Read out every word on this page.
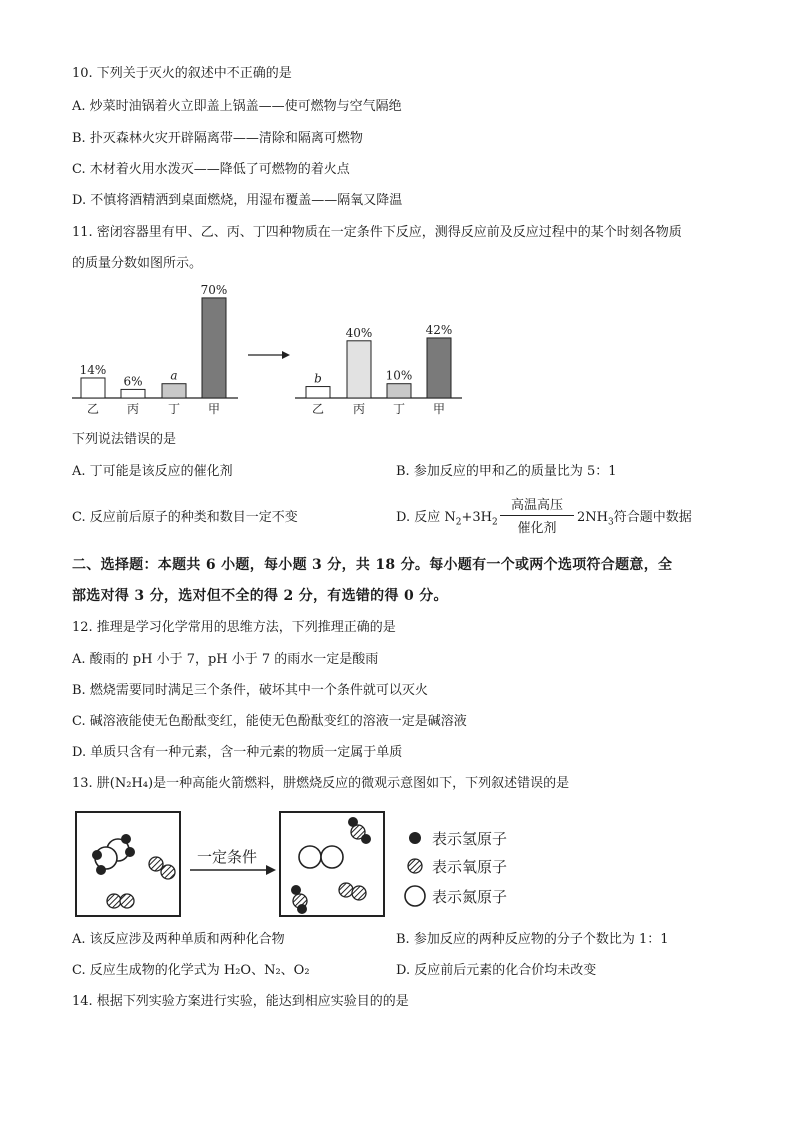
10. 下列关于灭火的叙述中不正确的是
A. 炒菜时油锅着火立即盖上锅盖——使可燃物与空气隔绝
B. 扑灭森林火灾开辟隔离带——清除和隔离可燃物
C. 木材着火用水泼灭——降低了可燃物的着火点
D. 不慎将酒精洒到桌面燃烧，用湿布覆盖——隔氧又降温
11. 密闭容器里有甲、乙、丙、丁四种物质在一定条件下反应，测得反应前及反应过程中的某个时刻各物质
的质量分数如图所示。
14%
乙
6%
丙
a
丁
70%
甲
b
乙
40%
丙
10%
丁
42%
甲
下列说法错误的是
A. 丁可能是该反应的催化剂	B. 参加反应的甲和乙的质量比为 5：1
C. 反应前后原子的种类和数目一定不变	D. 反应 $N_2+3H_2$
高温高压
催化剂
$2NH_3$符合题中数据
二、选择题：本题共 6 小题，每小题 3 分，共 18 分。每小题有一个或两个选项符合题意，全
部选对得 3 分，选对但不全的得 2 分，有选错的得 0 分。
12. 推理是学习化学常用的思维方法，下列推理正确的是
A. 酸雨的 pH 小于 7，pH 小于 7 的雨水一定是酸雨
B. 燃烧需要同时满足三个条件，破坏其中一个条件就可以灭火
C. 碱溶液能使无色酚酞变红，能使无色酚酞变红的溶液一定是碱溶液
D. 单质只含有一种元素，含一种元素的物质一定属于单质
13. 肼(N₂H₄)是一种高能火箭燃料，肼燃烧反应的微观示意图如下，下列叙述错误的是
一定条件
表示氢原子
表示氧原子
表示氮原子
A. 该反应涉及两种单质和两种化合物	B. 参加反应的两种反应物的分子个数比为 1：1
C. 反应生成物的化学式为 H₂O、N₂、O₂	D. 反应前后元素的化合价均未改变
14. 根据下列实验方案进行实验，能达到相应实验目的的是
